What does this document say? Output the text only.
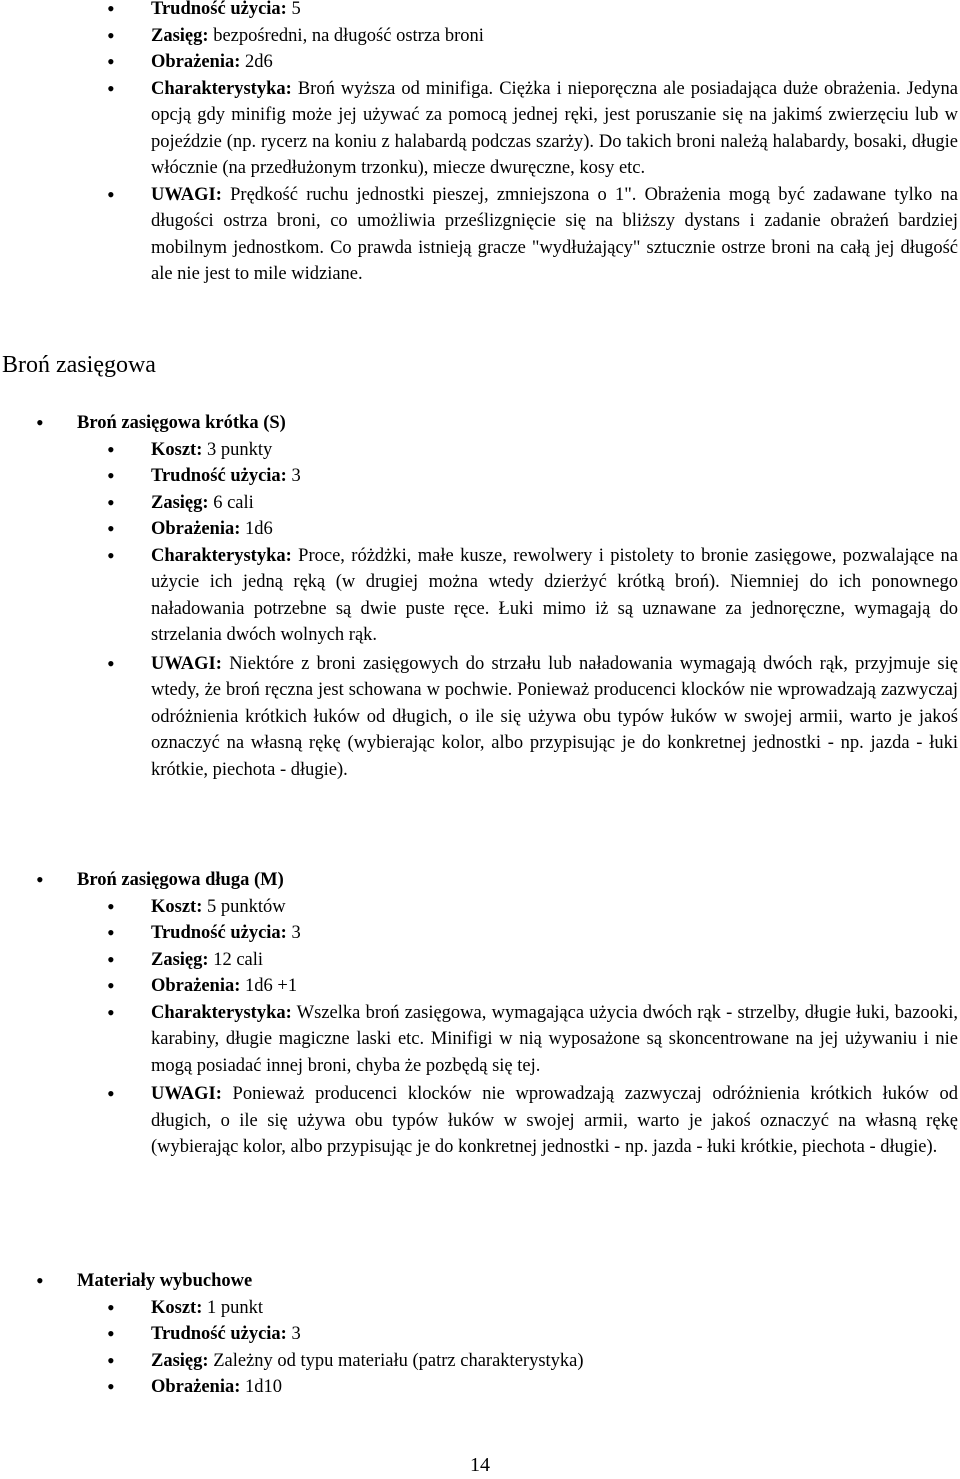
• Trudność użycia: 5
• Zasięg: bezpośredni, na długość ostrza broni
• Obrażenia: 2d6
• Charakterystyka: Broń wyższa od minifiga. Ciężka i nieporęczna ale posiadająca duże obrażenia. Jedyna opcją gdy minifig może jej używać za pomocą jednej ręki, jest poruszanie się na jakimś zwierzęciu lub w pojeździe (np. rycerz na koniu z halabardą podczas szarży). Do takich broni należą halabardy, bosaki, długie włócznie (na przedłużonym trzonku), miecze dwuręczne, kosy etc.
• UWAGI: Prędkość ruchu jednostki pieszej, zmniejszona o 1". Obrażenia mogą być zadawane tylko na długości ostrza broni, co umożliwia prześlizgnięcie się na bliższy dystans i zadanie obrażeń bardziej mobilnym jednostkom. Co prawda istnieją gracze "wydłużający" sztucznie ostrze broni na całą jej długość ale nie jest to mile widziane.
Broń zasięgowa
• Broń zasięgowa krótka (S)
• Koszt: 3 punkty
• Trudność użycia: 3
• Zasięg: 6 cali
• Obrażenia: 1d6
• Charakterystyka: Proce, różdżki, małe kusze, rewolwery i pistolety to bronie zasięgowe, pozwalające na użycie ich jedną ręką (w drugiej można wtedy dzierżyć krótką broń). Niemniej do ich ponownego naładowania potrzebne są dwie puste ręce. Łuki mimo iż są uznawane za jednoręczne, wymagają do strzelania dwóch wolnych rąk.
• UWAGI: Niektóre z broni zasięgowych do strzału lub naładowania wymagają dwóch rąk, przyjmuje się wtedy, że broń ręczna jest schowana w pochwie. Ponieważ producenci klocków nie wprowadzają zazwyczaj odróżnienia krótkich łuków od długich, o ile się używa obu typów łuków w swojej armii, warto je jakoś oznaczyć na własną rękę (wybierając kolor, albo przypisując je do konkretnej jednostki - np. jazda - łuki krótkie, piechota - długie).
• Broń zasięgowa długa (M)
• Koszt: 5 punktów
• Trudność użycia: 3
• Zasięg: 12 cali
• Obrażenia: 1d6 +1
• Charakterystyka: Wszelka broń zasięgowa, wymagająca użycia dwóch rąk - strzelby, długie łuki, bazooki, karabiny, długie magiczne laski etc. Minifigi w nią wyposażone są skoncentrowane na jej używaniu i nie mogą posiadać innej broni, chyba że pozbędą się tej.
• UWAGI: Ponieważ producenci klocków nie wprowadzają zazwyczaj odróżnienia krótkich łuków od długich, o ile się używa obu typów łuków w swojej armii, warto je jakoś oznaczyć na własną rękę (wybierając kolor, albo przypisując je do konkretnej jednostki - np. jazda - łuki krótkie, piechota - długie).
• Materiały wybuchowe
• Koszt: 1 punkt
• Trudność użycia: 3
• Zasięg: Zależny od typu materiału (patrz charakterystyka)
• Obrażenia: 1d10
14
